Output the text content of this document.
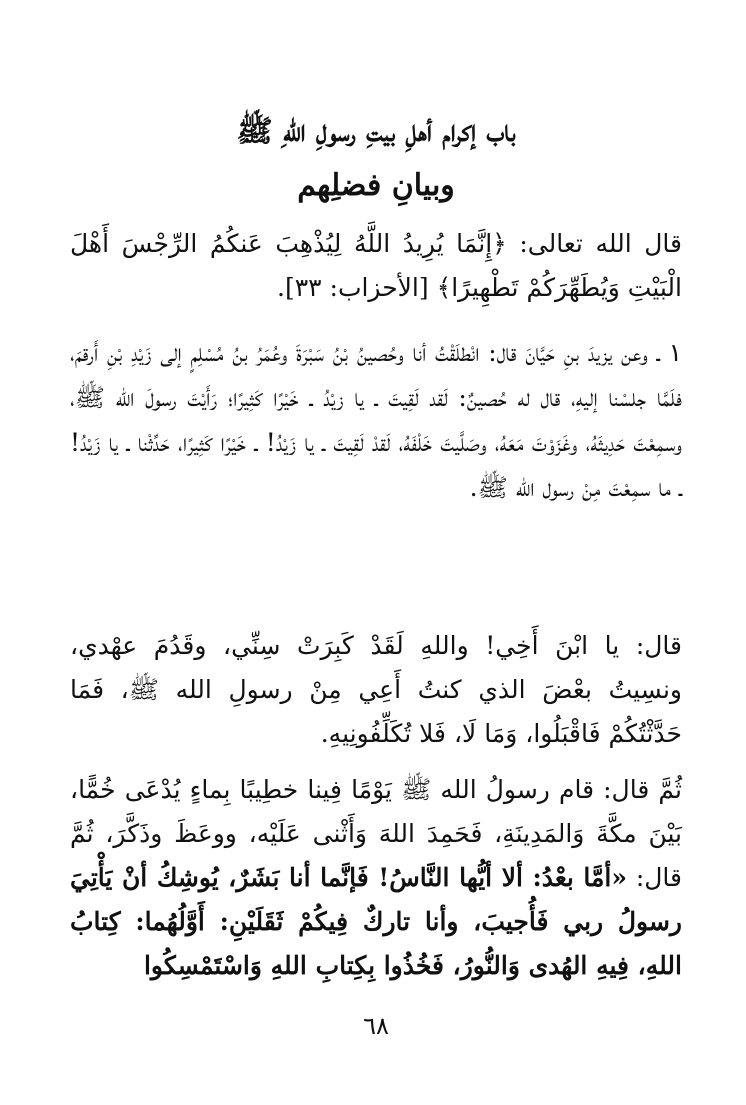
باب إكرام أهلِ بيتِ رسولِ اللهِ ﷺ
وبيانِ فضلِهم
قال الله تعالى: ﴿إِنَّمَا يُرِيدُ اللَّهُ لِيُذْهِبَ عَنكُمُ الرِّجْسَ أَهْلَ الْبَيْتِ وَيُطَهِّرَكُمْ تَطْهِيرًا﴾ [الأحزاب: ٣٣].
١ ـ وعن يزيدَ بنِ حَيَّانَ قال: انْطلَقْتُ أنا وحُصينُ بْنُ سَبْرَةَ وعُمَرُ بنُ مُسْلِمٍ إلى زَيْدِ بْنِ أَرقمَ، فلَمَّا جلسْنا إليهِ، قال له حُصينٌ: لَقد لَقِيتَ ـ يا زيْدُ ـ خَيْرًا كَثِيرًا؛ رَأَيْتَ رسولَ الله ﷺ، وسمِعْتَ حَدِيثَهُ، وغَزَوْتَ مَعَهُ، وصَلَّيتَ خَلْفَهُ، لَقدْ لَقِيتَ ـ يا زَيْدُ! ـ خَيْرًا كَثِيرًا، حَدِّثْنا ـ يا زَيْدُ! ـ ما سمِعْتَ مِنْ رسول الله ﷺ.
قال: يا ابْنَ أَخِي! واللهِ لَقَدْ كَبِرَتْ سِنِّي، وقَدُمَ عهْدي، ونسِيتُ بعْضَ الذي كنتُ أَعِي مِنْ رسولِ الله ﷺ، فَمَا حَدَّثْتُكُمْ فَاقْبَلُوا، وَمَا لَا، فَلا تُكَلِّفُونِيهِ.
ثُمَّ قال: قام رسولُ الله ﷺ يَوْمًا فِينا خطِيبًا بِماءٍ يُدْعَى خُمًّا، بَيْنَ مكَّةَ وَالمَدِينَةِ، فَحَمِدَ اللهَ وَأَثْنى عَلَيْه، ووعَظَ وذَكَّرَ، ثُمَّ قال: «أمَّا بعْدُ: ألا أيُّها النَّاسُ! فَإنَّما أنا بَشَرٌ، يُوشِكُ أنْ يَأْتِيَ رسولُ ربي فَأُجيبَ، وأنا تاركٌ فِيكُمْ ثَقَلَيْنِ: أَوَّلُهُما: كِتابُ اللهِ، فِيهِ الهُدى وَالنُّورُ، فَخُذُوا بِكِتابِ اللهِ وَاسْتَمْسِكُوا
٦٨
